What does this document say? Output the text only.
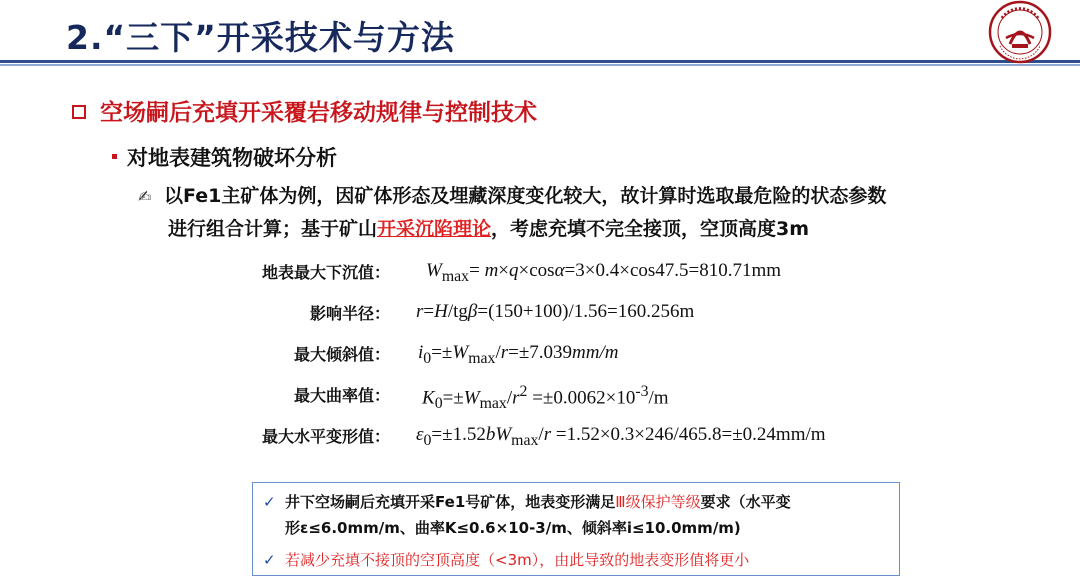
2.“三下”开采技术与方法
空场嗣后充填开采覆岩移动规律与控制技术
对地表建筑物破坏分析
✍ 以Fe1主矿体为例，因矿体形态及埋藏深度变化较大，故计算时选取最危险的状态参数
进行组合计算；基于矿山开采沉陷理论，考虑充填不完全接顶，空顶高度3m
地表最大下沉值： $W_{max}= m\times q\times\cos\alpha=3\times 0.4\times\cos 47.5=810.71mm$
影响半径： r=H/tgβ=(150+100)/1.56=160.256m
最大倾斜值： $i_0=\pm W_{max}/r=\pm 7.039mm/m$
最大曲率值： $K_0=\pm W_{max}/r^2 =\pm 0.0062\times 10^{-3}/m$
最大水平变形值： $\varepsilon_0=\pm 1.52bW_{max}/r =1.52\times 0.3\times 246/465.8=\pm 0.24mm/m$
✓ 井下空场嗣后充填开采Fe1号矿体，地表变形满足Ⅲ级保护等级要求（水平变
形ε≤6.0mm/m、曲率K≤0.6×10-3/m、倾斜率i≤10.0mm/m)
✓ 若减少充填不接顶的空顶高度（<3m），由此导致的地表变形值将更小
